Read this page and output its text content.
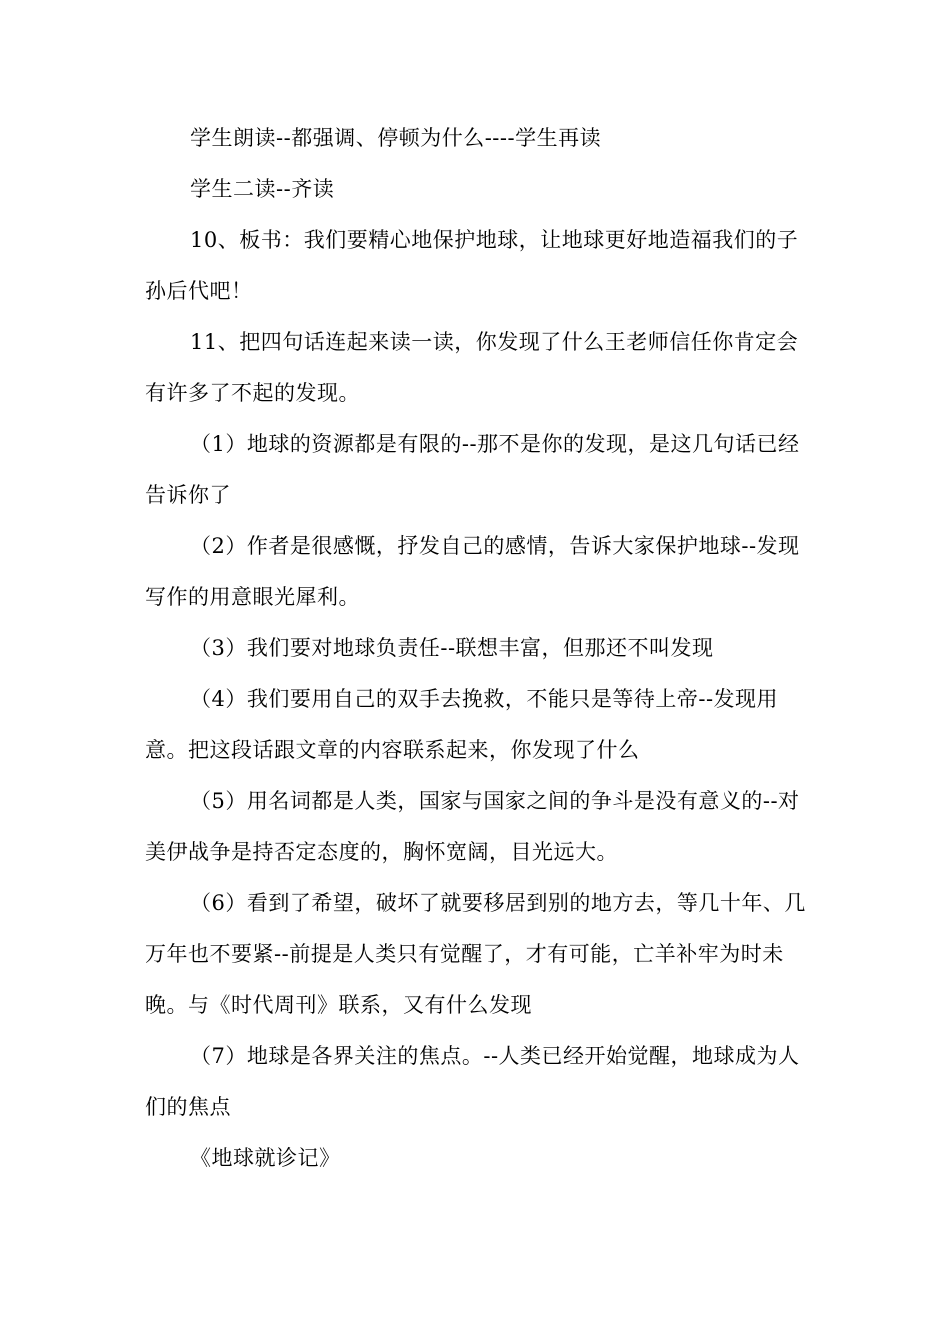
学生朗读--都强调、停顿为什么----学生再读

学生二读--齐读

10、板书：我们要精心地保护地球，让地球更好地造福我们的子孙后代吧！

11、把四句话连起来读一读，你发现了什么王老师信任你肯定会有许多了不起的发现。

（1）地球的资源都是有限的--那不是你的发现，是这几句话已经告诉你了

（2）作者是很感慨，抒发自己的感情，告诉大家保护地球--发现写作的用意眼光犀利。

（3）我们要对地球负责任--联想丰富，但那还不叫发现

（4）我们要用自己的双手去挽救，不能只是等待上帝--发现用意。把这段话跟文章的内容联系起来，你发现了什么

（5）用名词都是人类，国家与国家之间的争斗是没有意义的--对美伊战争是持否定态度的，胸怀宽阔，目光远大。

（6）看到了希望，破坏了就要移居到别的地方去，等几十年、几万年也不要紧--前提是人类只有觉醒了，才有可能，亡羊补牢为时未晚。与《时代周刊》联系，又有什么发现

（7）地球是各界关注的焦点。--人类已经开始觉醒，地球成为人们的焦点

《地球就诊记》
